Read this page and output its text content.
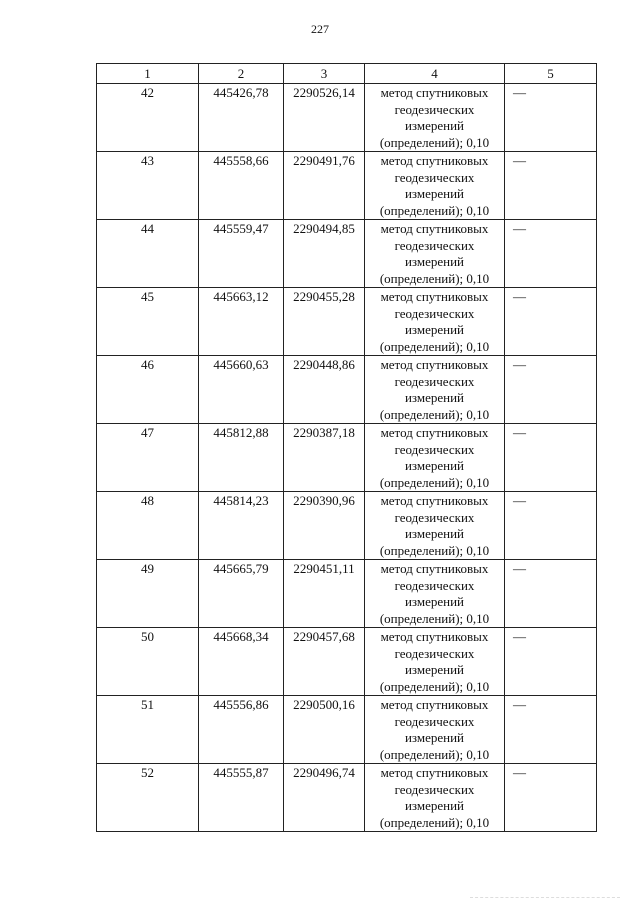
227
1	2	3	4	5

42	445426,78	2290526,14	метод спутниковых геодезических измерений (определений); 0,10	—

43	445558,66	2290491,76	метод спутниковых геодезических измерений (определений); 0,10	—

44	445559,47	2290494,85	метод спутниковых геодезических измерений (определений); 0,10	—

45	445663,12	2290455,28	метод спутниковых геодезических измерений (определений); 0,10	—

46	445660,63	2290448,86	метод спутниковых геодезических измерений (определений); 0,10	—

47	445812,88	2290387,18	метод спутниковых геодезических измерений (определений); 0,10	—

48	445814,23	2290390,96	метод спутниковых геодезических измерений (определений); 0,10	—

49	445665,79	2290451,11	метод спутниковых геодезических измерений (определений); 0,10	—

50	445668,34	2290457,68	метод спутниковых геодезических измерений (определений); 0,10	—

51	445556,86	2290500,16	метод спутниковых геодезических измерений (определений); 0,10	—

52	445555,87	2290496,74	метод спутниковых геодезических измерений (определений); 0,10	—
